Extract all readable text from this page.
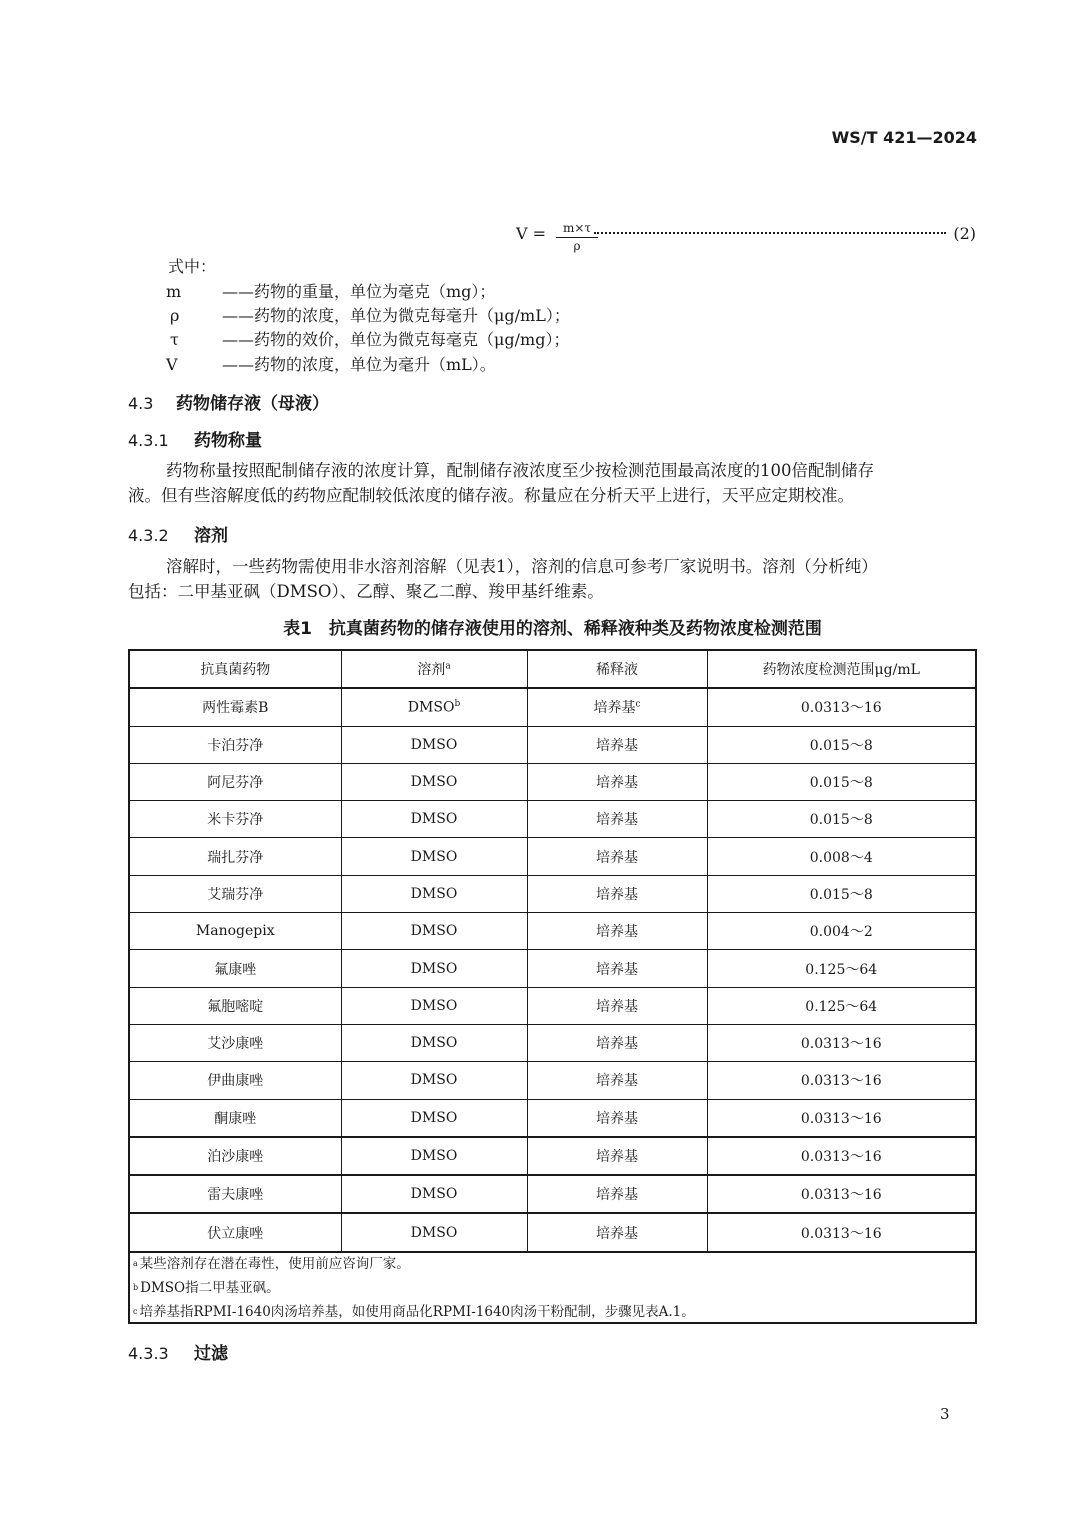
WS/T 421—2024
$V = \frac{m\times\tau}{\rho}$	(2)
式中：
m	——药物的重量，单位为毫克（mg）；
ρ	——药物的浓度，单位为微克每毫升（μg/mL）；
τ	——药物的效价，单位为微克每毫克（μg/mg）；
V	——药物的浓度，单位为毫升（mL）。
4.3 药物储存液（母液）
4.3.1 药物称量
药物称量按照配制储存液的浓度计算，配制储存液浓度至少按检测范围最高浓度的100倍配制储存
液。但有些溶解度低的药物应配制较低浓度的储存液。称量应在分析天平上进行，天平应定期校准。
4.3.2 溶剂
溶解时，一些药物需使用非水溶剂溶解（见表1），溶剂的信息可参考厂家说明书。溶剂（分析纯）
包括：二甲基亚砜（DMSO）、乙醇、聚乙二醇、羧甲基纤维素。
表1　抗真菌药物的储存液使用的溶剂、稀释液种类及药物浓度检测范围
抗真菌药物	溶剂$^a$	稀释液	药物浓度检测范围μg/mL
两性霉素B	DMSO$^b$	培养基$^c$	0.0313～16
卡泊芬净	DMSO	培养基	0.015～8
阿尼芬净	DMSO	培养基	0.015～8
米卡芬净	DMSO	培养基	0.015～8
瑞扎芬净	DMSO	培养基	0.008～4
艾瑞芬净	DMSO	培养基	0.015～8
Manogepix	DMSO	培养基	0.004～2
氟康唑	DMSO	培养基	0.125～64
氟胞嘧啶	DMSO	培养基	0.125～64
艾沙康唑	DMSO	培养基	0.0313～16
伊曲康唑	DMSO	培养基	0.0313～16
酮康唑	DMSO	培养基	0.0313～16
泊沙康唑	DMSO	培养基	0.0313～16
雷夫康唑	DMSO	培养基	0.0313～16
伏立康唑	DMSO	培养基	0.0313～16
$^a$ 某些溶剂存在潜在毒性，使用前应咨询厂家。
$^b$ DMSO指二甲基亚砜。
$^c$ 培养基指RPMI-1640肉汤培养基，如使用商品化RPMI-1640肉汤干粉配制，步骤见表A.1。
4.3.3 过滤
3
